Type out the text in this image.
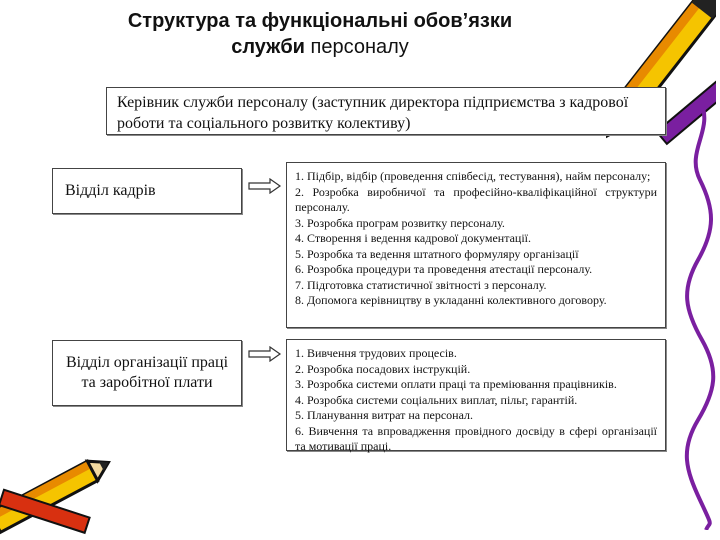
Структура та функціональні обов’язки
служби персоналу
Керівник служби персоналу (заступник директора підприємства з кадрової роботи та соціального розвитку колективу)
Відділ кадрів
1. Підбір, відбір (проведення співбесід, тестування), найм персоналу;
2. Розробка виробничої та професійно-кваліфікаційної структури персоналу.
3. Розробка програм розвитку персоналу.
4. Створення і ведення кадрової документації.
5. Розробка та ведення штатного формуляру організації
6. Розробка процедури та проведення атестації персоналу.
7. Підготовка статистичної звітності з персоналу.
8. Допомога керівництву в укладанні колективного договору.
Відділ організації праці та заробітної плати
1. Вивчення трудових процесів.
2. Розробка посадових інструкцій.
3. Розробка системи оплати праці та преміювання працівників.
4. Розробка системи соціальних виплат, пільг, гарантій.
5. Планування витрат на персонал.
6. Вивчення та впровадження провідного досвіду в сфері організації та мотивації праці.
